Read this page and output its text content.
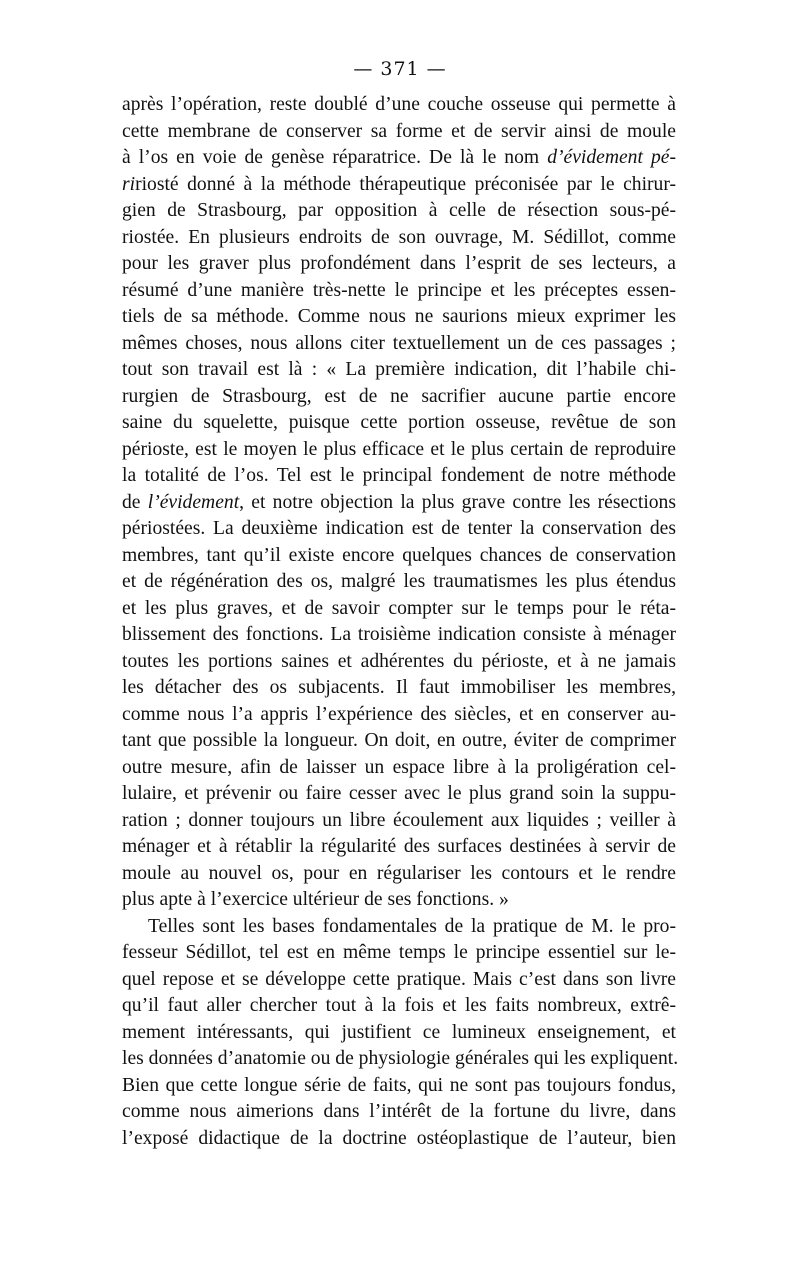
— 371 —
après l’opération, reste doublé d’une couche osseuse qui permette à
cette membrane de conserver sa forme et de servir ainsi de moule
à l’os en voie de genèse réparatrice. De là le nom d’évidement pé-
ririosté donné à la méthode thérapeutique préconisée par le chirur-
gien de Strasbourg, par opposition à celle de résection sous-pé-
riostée. En plusieurs endroits de son ouvrage, M. Sédillot, comme
pour les graver plus profondément dans l’esprit de ses lecteurs, a
résumé d’une manière très-nette le principe et les préceptes essen-
tiels de sa méthode. Comme nous ne saurions mieux exprimer les
mêmes choses, nous allons citer textuellement un de ces passages ;
tout son travail est là : « La première indication, dit l’habile chi-
rurgien de Strasbourg, est de ne sacrifier aucune partie encore
saine du squelette, puisque cette portion osseuse, revêtue de son
périoste, est le moyen le plus efficace et le plus certain de reproduire
la totalité de l’os. Tel est le principal fondement de notre méthode
de l’évidement, et notre objection la plus grave contre les résections
périostées. La deuxième indication est de tenter la conservation des
membres, tant qu’il existe encore quelques chances de conservation
et de régénération des os, malgré les traumatismes les plus étendus
et les plus graves, et de savoir compter sur le temps pour le réta-
blissement des fonctions. La troisième indication consiste à ménager
toutes les portions saines et adhérentes du périoste, et à ne jamais
les détacher des os subjacents. Il faut immobiliser les membres,
comme nous l’a appris l’expérience des siècles, et en conserver au-
tant que possible la longueur. On doit, en outre, éviter de comprimer
outre mesure, afin de laisser un espace libre à la proligération cel-
lulaire, et prévenir ou faire cesser avec le plus grand soin la suppu-
ration ; donner toujours un libre écoulement aux liquides ; veiller à
ménager et à rétablir la régularité des surfaces destinées à servir de
moule au nouvel os, pour en régulariser les contours et le rendre
plus apte à l’exercice ultérieur de ses fonctions. »
Telles sont les bases fondamentales de la pratique de M. le pro-
fesseur Sédillot, tel est en même temps le principe essentiel sur le-
quel repose et se développe cette pratique. Mais c’est dans son livre
qu’il faut aller chercher tout à la fois et les faits nombreux, extrê-
mement intéressants, qui justifient ce lumineux enseignement, et
les données d’anatomie ou de physiologie générales qui les expliquent.
Bien que cette longue série de faits, qui ne sont pas toujours fondus,
comme nous aimerions dans l’intérêt de la fortune du livre, dans
l’exposé didactique de la doctrine ostéoplastique de l’auteur, bien
